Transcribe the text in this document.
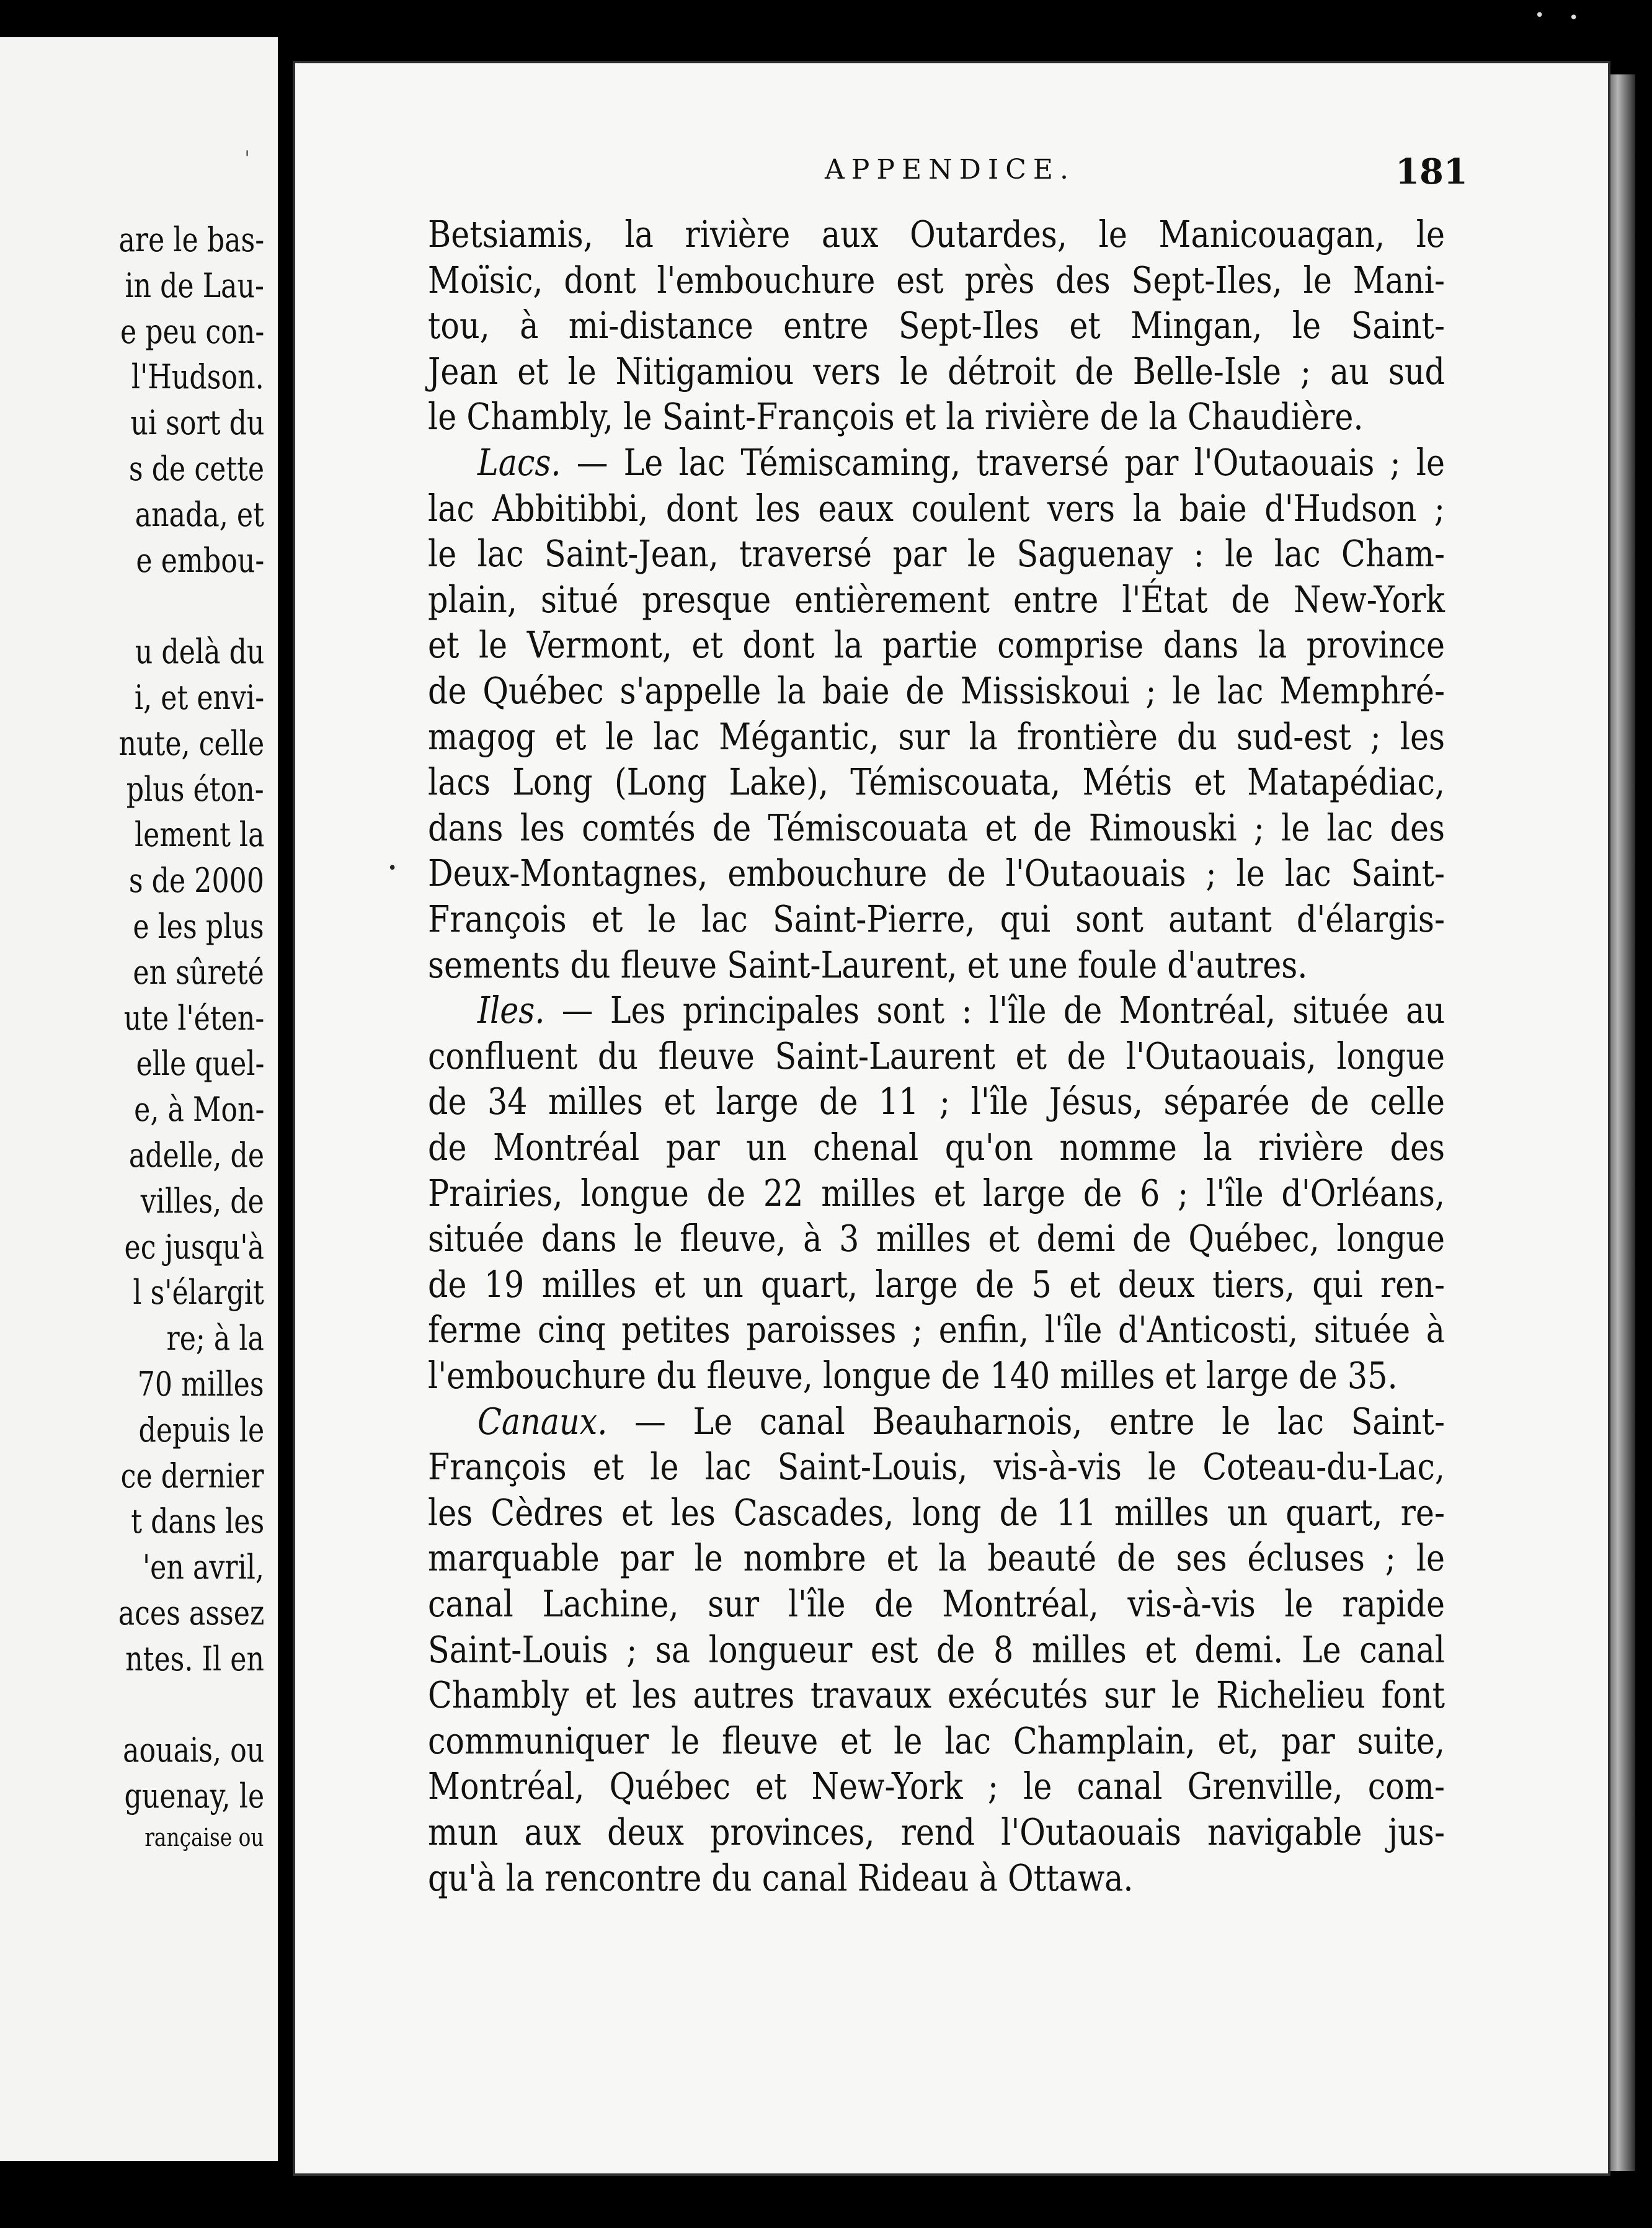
are le bas-
in de Lau-
e peu con-
l'Hudson.
ui sort du
s de cette
anada, et
e embou-
u delà du
i, et envi-
nute, celle
plus éton-
lement la
s de 2000
e les plus
en sûreté
ute l'éten-
elle quel-
e, à Mon-
adelle, de
villes, de
ec jusqu'à
l s'élargit
re; à la
70 milles
depuis le
ce dernier
t dans les
'en avril,
aces assez
ntes. Il en
aouais, ou
guenay, le
rançaise ou
'	APPENDICE.	181
Betsiamis, la rivière aux Outardes, le Manicouagan, le
Moïsic, dont l'embouchure est près des Sept-Iles, le Mani-
tou, à mi-distance entre Sept-Iles et Mingan, le Saint-
Jean et le Nitigamiou vers le détroit de Belle-Isle ; au sud
le Chambly, le Saint-François et la rivière de la Chaudière.
Lacs. — Le lac Témiscaming, traversé par l'Outaouais ; le
lac Abbitibbi, dont les eaux coulent vers la baie d'Hudson ;
le lac Saint-Jean, traversé par le Saguenay : le lac Cham-
plain, situé presque entièrement entre l'État de New-York
et le Vermont, et dont la partie comprise dans la province
de Québec s'appelle la baie de Missiskoui ; le lac Memphré-
magog et le lac Mégantic, sur la frontière du sud-est ; les
lacs Long (Long Lake), Témiscouata, Métis et Matapédiac,
dans les comtés de Témiscouata et de Rimouski ; le lac des
Deux-Montagnes, embouchure de l'Outaouais ; le lac Saint-
François et le lac Saint-Pierre, qui sont autant d'élargis-
sements du fleuve Saint-Laurent, et une foule d'autres.
Iles. — Les principales sont : l'île de Montréal, située au
confluent du fleuve Saint-Laurent et de l'Outaouais, longue
de 34 milles et large de 11 ; l'île Jésus, séparée de celle
de Montréal par un chenal qu'on nomme la rivière des
Prairies, longue de 22 milles et large de 6 ; l'île d'Orléans,
située dans le fleuve, à 3 milles et demi de Québec, longue
de 19 milles et un quart, large de 5 et deux tiers, qui ren-
ferme cinq petites paroisses ; enfin, l'île d'Anticosti, située à
l'embouchure du fleuve, longue de 140 milles et large de 35.
Canaux. — Le canal Beauharnois, entre le lac Saint-
François et le lac Saint-Louis, vis-à-vis le Coteau-du-Lac,
les Cèdres et les Cascades, long de 11 milles un quart, re-
marquable par le nombre et la beauté de ses écluses ; le
canal Lachine, sur l'île de Montréal, vis-à-vis le rapide
Saint-Louis ; sa longueur est de 8 milles et demi. Le canal
Chambly et les autres travaux exécutés sur le Richelieu font
communiquer le fleuve et le lac Champlain, et, par suite,
Montréal, Québec et New-York ; le canal Grenville, com-
mun aux deux provinces, rend l'Outaouais navigable jus-
qu'à la rencontre du canal Rideau à Ottawa.
• •
•
